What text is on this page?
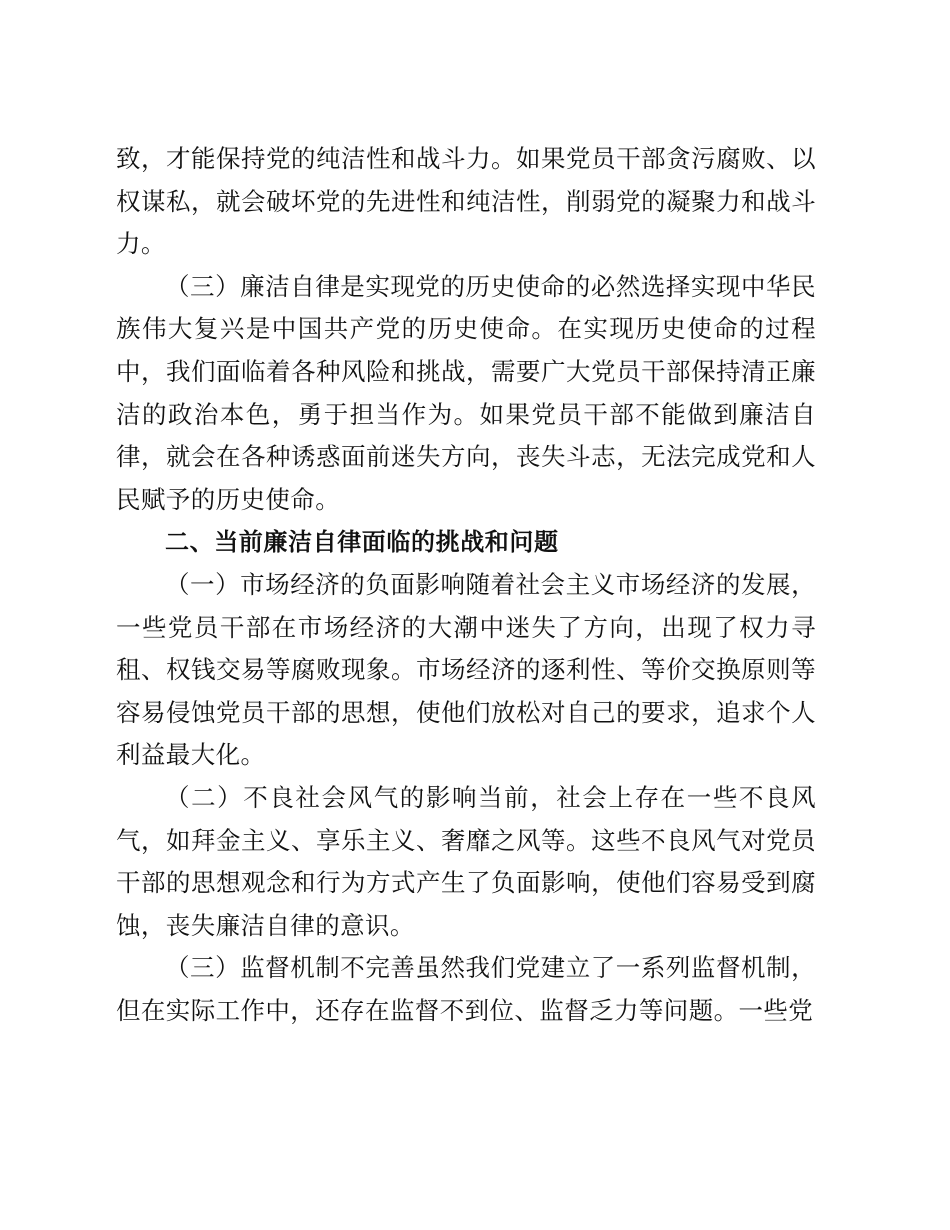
致，才能保持党的纯洁性和战斗力。如果党员干部贪污腐败、以权谋私，就会破坏党的先进性和纯洁性，削弱党的凝聚力和战斗力。

（三）廉洁自律是实现党的历史使命的必然选择实现中华民族伟大复兴是中国共产党的历史使命。在实现历史使命的过程中，我们面临着各种风险和挑战，需要广大党员干部保持清正廉洁的政治本色，勇于担当作为。如果党员干部不能做到廉洁自律，就会在各种诱惑面前迷失方向，丧失斗志，无法完成党和人民赋予的历史使命。

二、当前廉洁自律面临的挑战和问题

（一）市场经济的负面影响随着社会主义市场经济的发展，一些党员干部在市场经济的大潮中迷失了方向，出现了权力寻租、权钱交易等腐败现象。市场经济的逐利性、等价交换原则等容易侵蚀党员干部的思想，使他们放松对自己的要求，追求个人利益最大化。

（二）不良社会风气的影响当前，社会上存在一些不良风气，如拜金主义、享乐主义、奢靡之风等。这些不良风气对党员干部的思想观念和行为方式产生了负面影响，使他们容易受到腐蚀，丧失廉洁自律的意识。

（三）监督机制不完善虽然我们党建立了一系列监督机制，但在实际工作中，还存在监督不到位、监督乏力等问题。一些党
